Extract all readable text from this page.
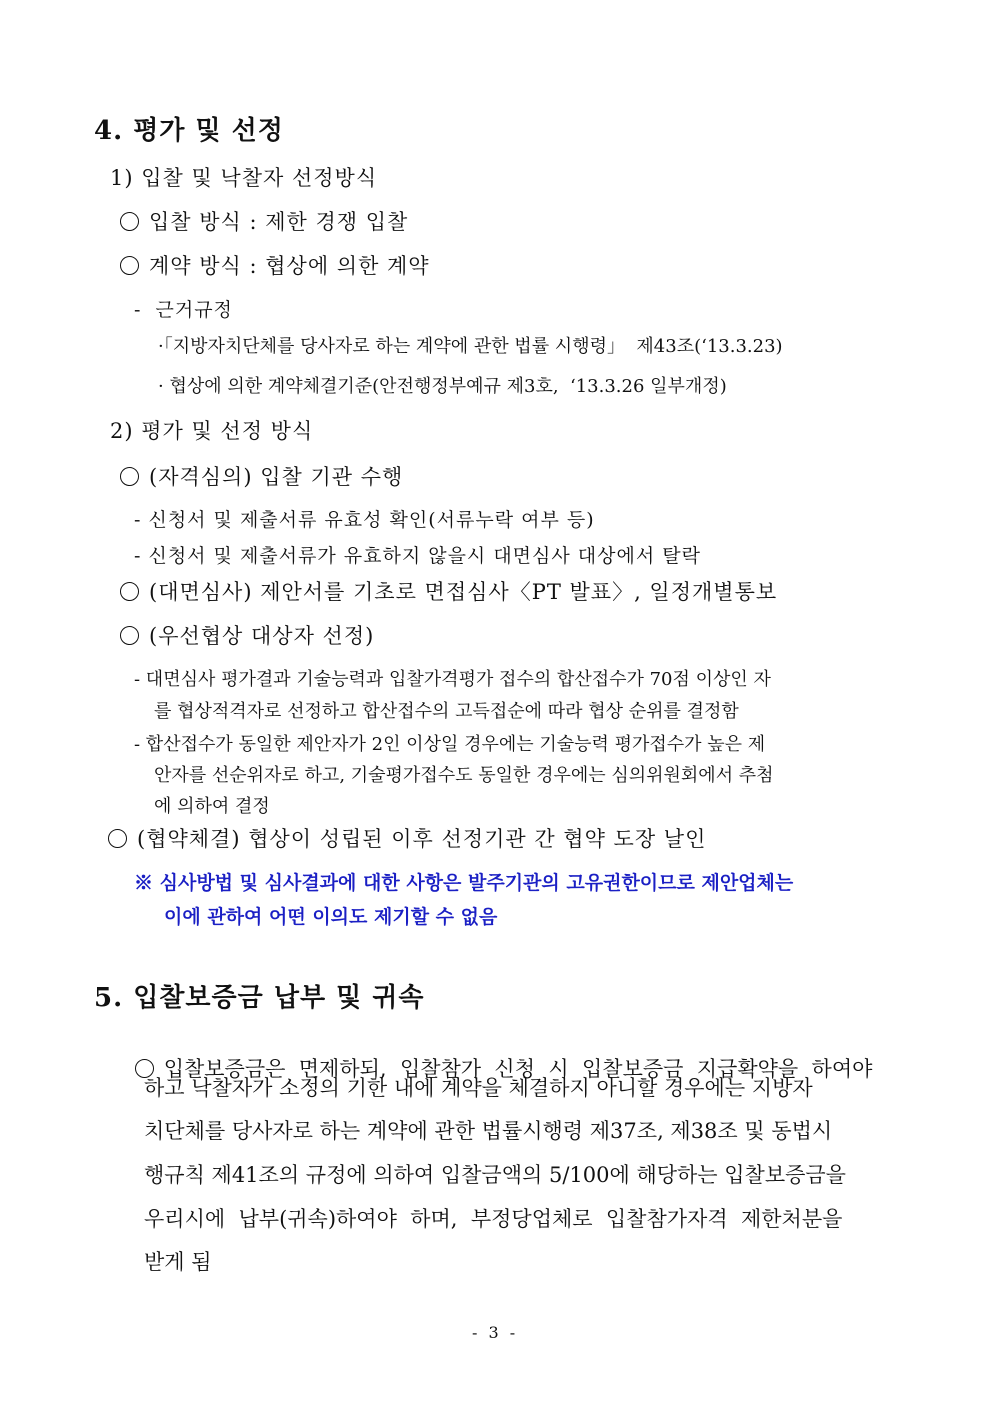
4. 평가 및 선정
1) 입찰 및 낙찰자 선정방식
입찰 방식 : 제한 경쟁 입찰
계약 방식 : 협상에 의한 계약
-  근거규정
·「지방자치단체를 당사자로 하는 계약에 관한 법률 시행령」  제43조(‘13.3.23)
· 협상에 의한 계약체결기준(안전행정부예규 제3호,  ‘13.3.26 일부개정)
2) 평가 및 선정 방식
(자격심의) 입찰 기관 수행
- 신청서 및 제출서류 유효성 확인(서류누락 여부 등)
- 신청서 및 제출서류가 유효하지 않을시 대면심사 대상에서 탈락
(대면심사) 제안서를 기초로 면접심사〈PT 발표〉, 일정개별통보
(우선협상 대상자 선정)
- 대면심사 평가결과 기술능력과 입찰가격평가 접수의 합산접수가 70점 이상인 자
를 협상적격자로 선정하고 합산접수의 고득접순에 따라 협상 순위를 결정함
- 합산접수가 동일한 제안자가 2인 이상일 경우에는 기술능력 평가접수가 높은 제
안자를 선순위자로 하고, 기술평가접수도 동일한 경우에는 심의위원회에서 추첨
에 의하여 결정
(협약체결) 협상이 성립된 이후 선정기관 간 협약 도장 날인
※ 심사방법 및 심사결과에 대한 사항은 발주기관의 고유권한이므로 제안업체는
이에 관하여 어떤 이의도 제기할 수 없음
5. 입찰보증금 납부 및 귀속

입찰보증금은  면제하되,  입찰참가  신청  시  입찰보증금  지급확약을  하여야

하고 낙찰자가 소정의 기한 내에 계약을 체결하지 아니할 경우에는 지방자
치단체를 당사자로 하는 계약에 관한 법률시행령 제37조, 제38조 및 동법시
행규칙 제41조의 규정에 의하여 입찰금액의 5/100에 해당하는 입찰보증금을
우리시에  납부(귀속)하여야  하며,  부정당업체로  입찰참가자격  제한처분을
받게 됨
- 3 -
